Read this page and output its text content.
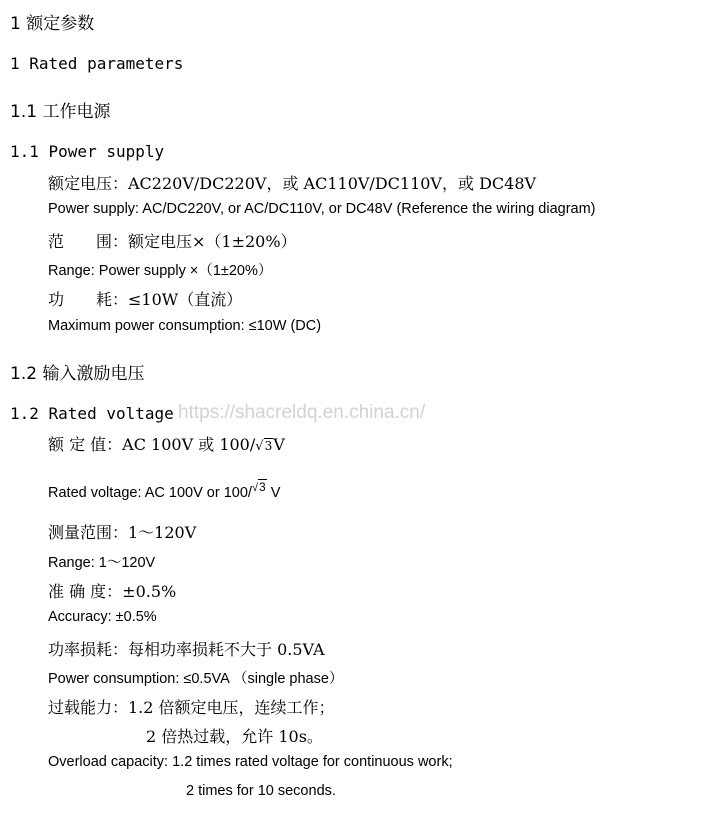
1 额定参数
1 Rated parameters
1.1 工作电源
1.1 Power supply
额定电压：AC220V/DC220V，或 AC110V/DC110V，或 DC48V
Power supply: AC/DC220V, or AC/DC110V, or DC48V (Reference the wiring diagram)
范　　围：额定电压×（1±20%）
Range: Power supply ×（1±20%）
功　　耗：≤10W（直流）
Maximum power consumption: ≤10W (DC)
1.2 输入激励电压
1.2 Rated voltage https://shacreldq.en.china.cn/
额 定 值：AC 100V 或 100/√3V
Rated voltage: AC 100V or 100/$^{√3}$ V
测量范围：1～120V
Range: 1～120V
准 确 度：±0.5%
Accuracy: ±0.5%
功率损耗：每相功率损耗不大于 0.5VA
Power consumption: ≤0.5VA （single phase）
过载能力：1.2 倍额定电压，连续工作；
2 倍热过载，允许 10s。
Overload capacity: 1.2 times rated voltage for continuous work;
2 times for 10 seconds.
